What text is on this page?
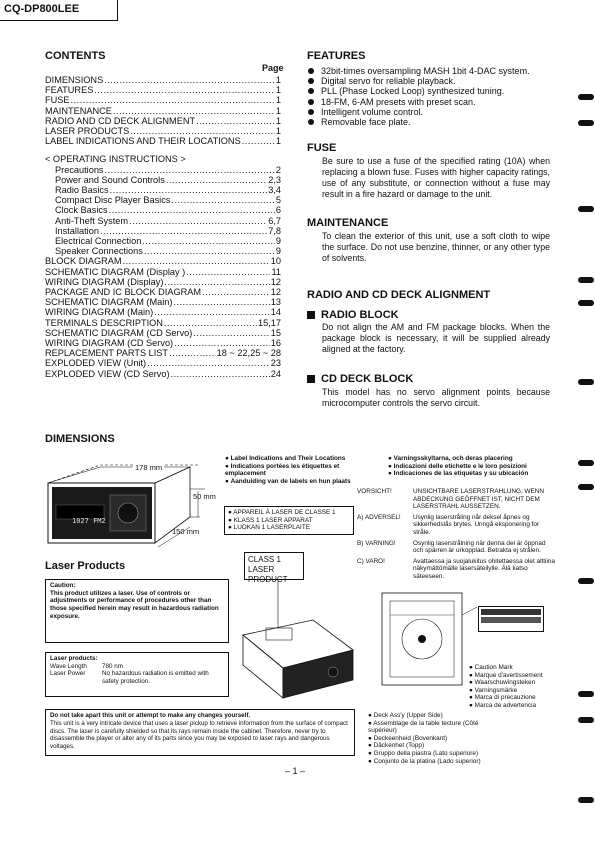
CQ-DP800LEE
CONTENTS
Page
DIMENSIONS .....	1
FEATURES .....	1
FUSE .....	1
MAINTENANCE .....	1
RADIO AND CD DECK ALIGNMENT .....	1
LASER PRODUCTS .....	1
LABEL INDICATIONS AND THEIR LOCATIONS .....	1
< OPERATING INSTRUCTIONS >
Precautions .....	2
Power and Sound Controls .....	2,3
Radio Basics .....	3,4
Compact Disc Player Basics .....	5
Clock Basics .....	6
Anti-Theft System .....	6,7
Installation .....	7,8
Electrical Connection .....	9
Speaker Connections .....	9
BLOCK DIAGRAM .....	10
SCHEMATIC DIAGRAM (Display ) .....	11
WIRING DIAGRAM (Display) .....	12
PACKAGE AND IC BLOCK DIAGRAM .....	12
SCHEMATIC DIAGRAM (Main) .....	13
WIRING DIAGRAM (Main) .....	14
TERMINALS DESCRIPTION .....	15,17
SCHEMATIC DIAGRAM (CD Servo) .....	15
WIRING DIAGRAM (CD Servo) .....	16
REPLACEMENT PARTS LIST .....	18 ~ 22,25 ~ 28
EXPLODED VIEW (Unit) .....	23
EXPLODED VIEW (CD Servo) .....	24
FEATURES
32bit-times oversampling MASH 1bit 4-DAC system.
Digital servo for reliable playback.
PLL (Phase Locked Loop) synthesized tuning.
18-FM, 6-AM presets with preset scan.
Intelligent volume control.
Removable face plate.
FUSE
Be sure to use a fuse of the specified rating (10A) when replacing a blown fuse. Fuses with higher capacity ratings, use of any substitute, or connection without a fuse may result in a fire hazard or damage to the unit.
MAINTENANCE
To clean the exterior of this unit, use a soft cloth to wipe the surface. Do not use benzine, thinner, or any other type of solvents.
RADIO AND CD DECK ALIGNMENT
RADIO BLOCK
Do not align the AM and FM package blocks. When the package block is necessary, it will be supplied already aligned at the factory.
CD DECK BLOCK
This model has no servo alignment points because microcomputer controls the servo circuit.
DIMENSIONS
178 mm
50 mm
150 mm
1027 FM2
● Label Indications and Their Locations
● Indications portées les étiquettes et emplacement
● Aanduiding van de labels en hun plaats
● Varningsskyltarna, och deras placering
● Indicazioni delle etichette e le loro posizioni
● Indicaciones de las etiquetas y su ubicación
● APPAREIL À LASER DE CLASSE 1
● KLASS 1 LASER APPARAT
● LUOKAN 1 LASERPLAITE
VORSICHT!	UNSICHTBARE LASERSTRAHLUNG, WENN ABDECKUNG GEÖFFNET IST, NICHT DEM LASERSTRAHL AUSSETZEN.
A) ADVERSEL!	Usynlig laserstråling når deksel åpnes og sikkerhedslås brytes. Unngå eksponering for stråle.
B) VARNING!	Osynlig laserstrålning när denna del är öppnad och spärren är urkopplad. Betrakta ej strålen.
C) VARO!	Avattaessa ja suojalukitus ohitettaessa olet alttiina näkymättömälle lasersäteilylle. Älä katso säteeseen.
Laser Products
CLASS 1 LASER PRODUCT
● Caution Mark
● Marque d'avertissement
● Waarschuwingsteken
● Varningsmärke
● Marca di precauzione
● Marca de advertencia
● Deck Ass'y (Upper Side)
● Assemblage de la table tecture (Côté supérieur)
● Deckeenheid (Bovenkant)
● Däckenhet (Topp)
● Gruppo della piastra (Lato superiore)
● Conjunto de la platina (Lado superior)
Caution:
This product utilizes a laser. Use of controls or adjustments or performance of procedures other than those specified herein may result in hazardous radiation exposure.
Laser products:
Wave Length	780 nm
Laser Power	No hazardous radiation is emitted with safety protection.
Do not take apart this unit or attempt to make any changes yourself.
This unit is a very intricate device that uses a laser pickup to retrieve information from the surface of compact discs. The laser is carefully shielded so that its rays remain inside the cabinet. Therefore, never try to disassemble the player or alter any of its parts since you may be exposed to laser rays and dangerous voltages.
– 1 –
